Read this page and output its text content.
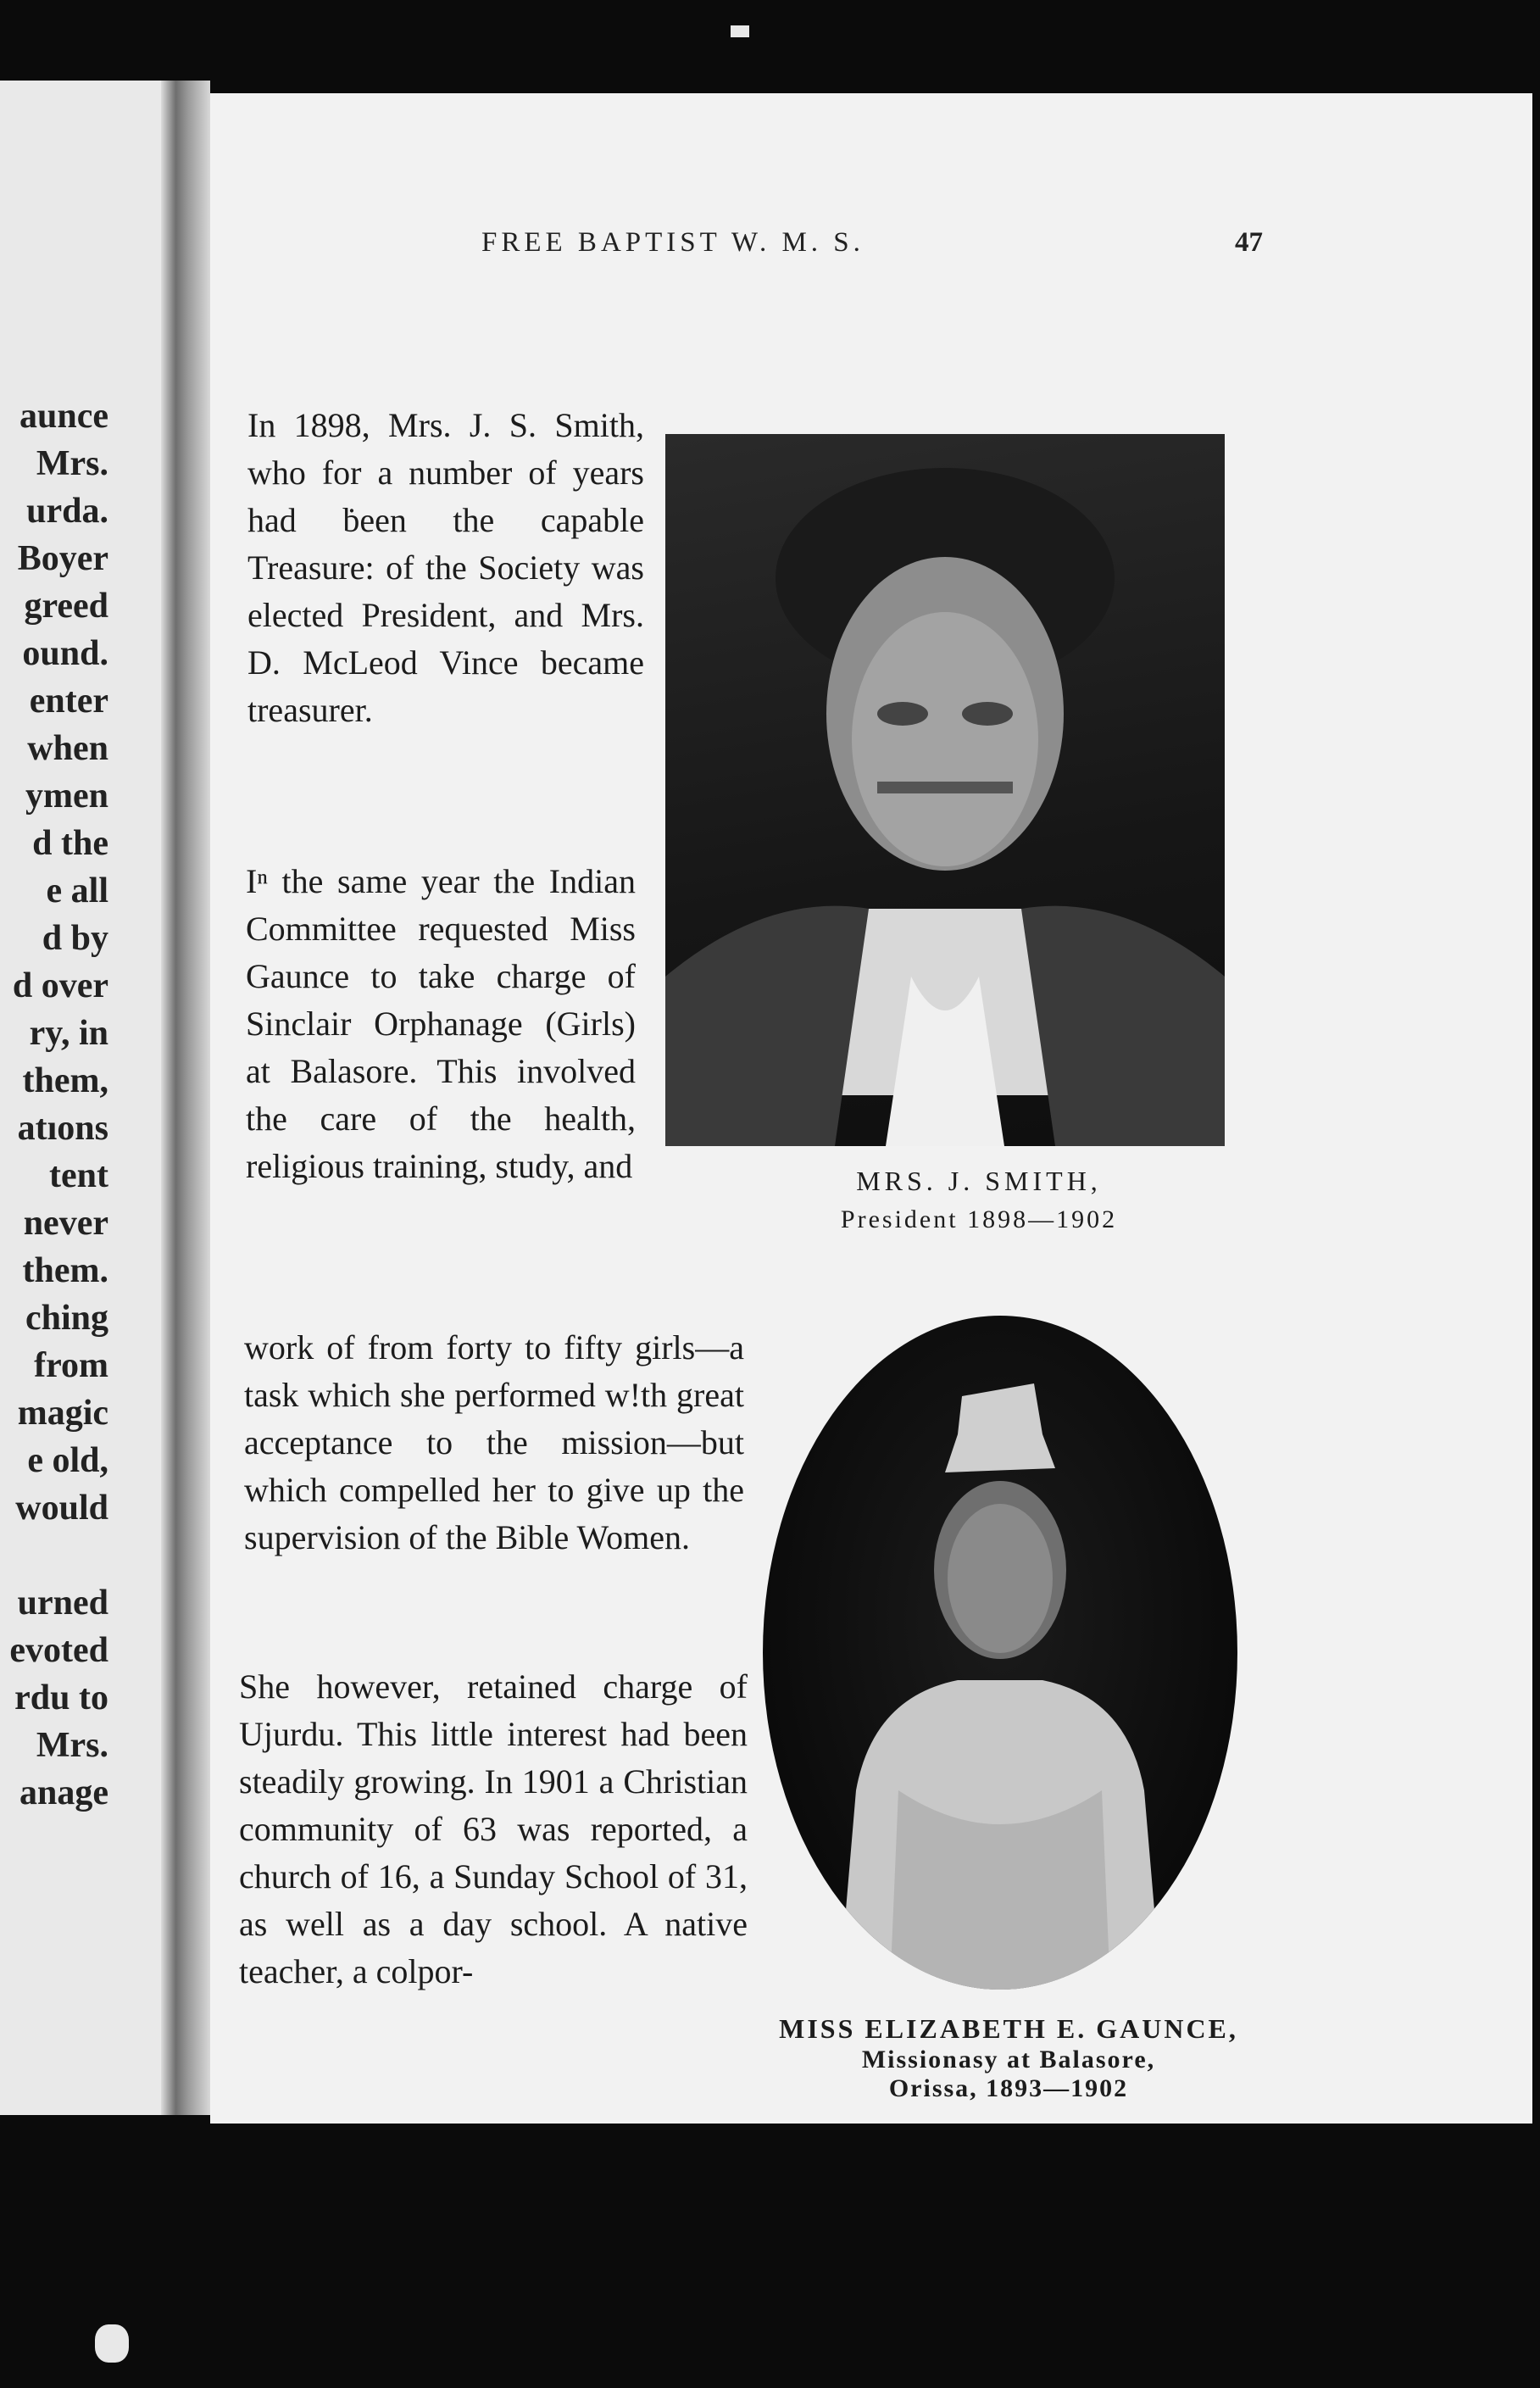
aunce
Mrs.
urda.
Boyer
greed
ound.
enter
when
ymen
d the
e all
d by
d over
ry, in
them,
atıons
tent
never
them.
ching
from
magic
e old,
would
urned
evoted
rdu to
Mrs.
anage
FREE BAPTIST W. M. S.	47
In 1898, Mrs. J. S. Smith, who for a number of years had ḃeen the capable Treasure: of the Society was elected President, and Mrs. D. McLeod Vince became treasurer.
Iⁿ the same year the Indian Committee requested Miss Gaunce to take charge of Sinclair Orphanage (Girls) at Balasore. This involved the care of the health, religious training, study, and
work of from forty to fifty girls—a task which she performed w!th great acceptance to the mission—but which compelled her to give up the supervision of the Bible Women.
She however, retained charge of Ujurdu. This little interest had been steadily growing. In 1901 a Christian community of 63 was reported, a church of 16, a Sunday School of 31, as well as a day school. A native teacher, a colpor-
MRS. J. SMITH,
President 1898—1902
MISS ELIZABETH E. GAUNCE,
Missionasy at Balasore,
Orissa, 1893—1902
